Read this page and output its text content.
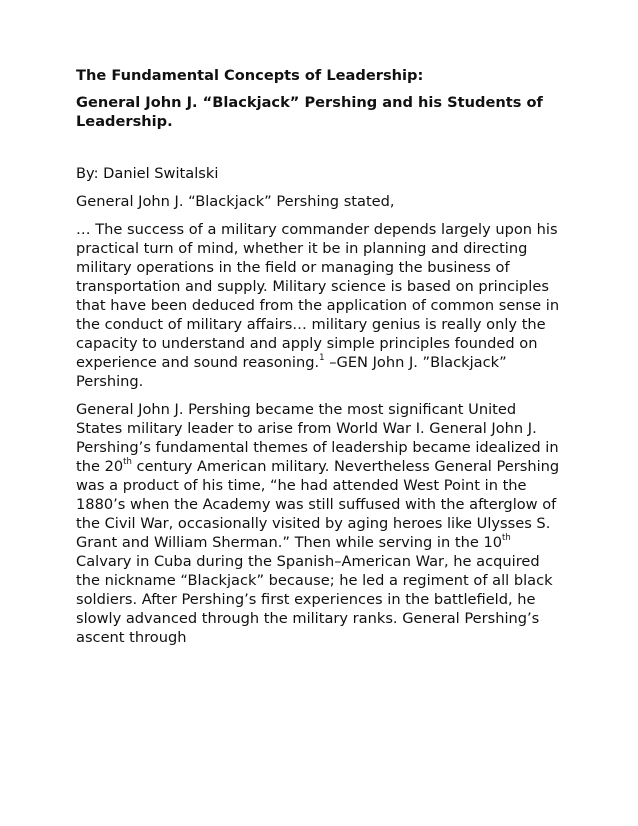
The Fundamental Concepts of Leadership:
General John J. “Blackjack” Pershing and his Students of Leadership.

By: Daniel Switalski

General John J. “Blackjack” Pershing stated,

… The success of a military commander depends largely upon his practical turn of mind, whether it be in planning and directing military operations in the field or managing the business of transportation and supply. Military science is based on principles that have been deduced from the application of common sense in the conduct of military affairs… military genius is really only the capacity to understand and apply simple principles founded on experience and sound reasoning.$^1$ –GEN John J. ”Blackjack” Pershing.

General John J. Pershing became the most significant United States military leader to arise from World War I. General John J. Pershing’s fundamental themes of leadership became idealized in the 20th century American military. Nevertheless General Pershing was a product of his time, “he had attended West Point in the 1880’s when the Academy was still suffused with the afterglow of the Civil War, occasionally visited by aging heroes like Ulysses S. Grant and William Sherman.” Then while serving in the 10th Calvary in Cuba during the Spanish–American War, he acquired the nickname “Blackjack” because; he led a regiment of all black soldiers. After Pershing’s first experiences in the battlefield, he slowly advanced through the military ranks. General Pershing’s ascent through
